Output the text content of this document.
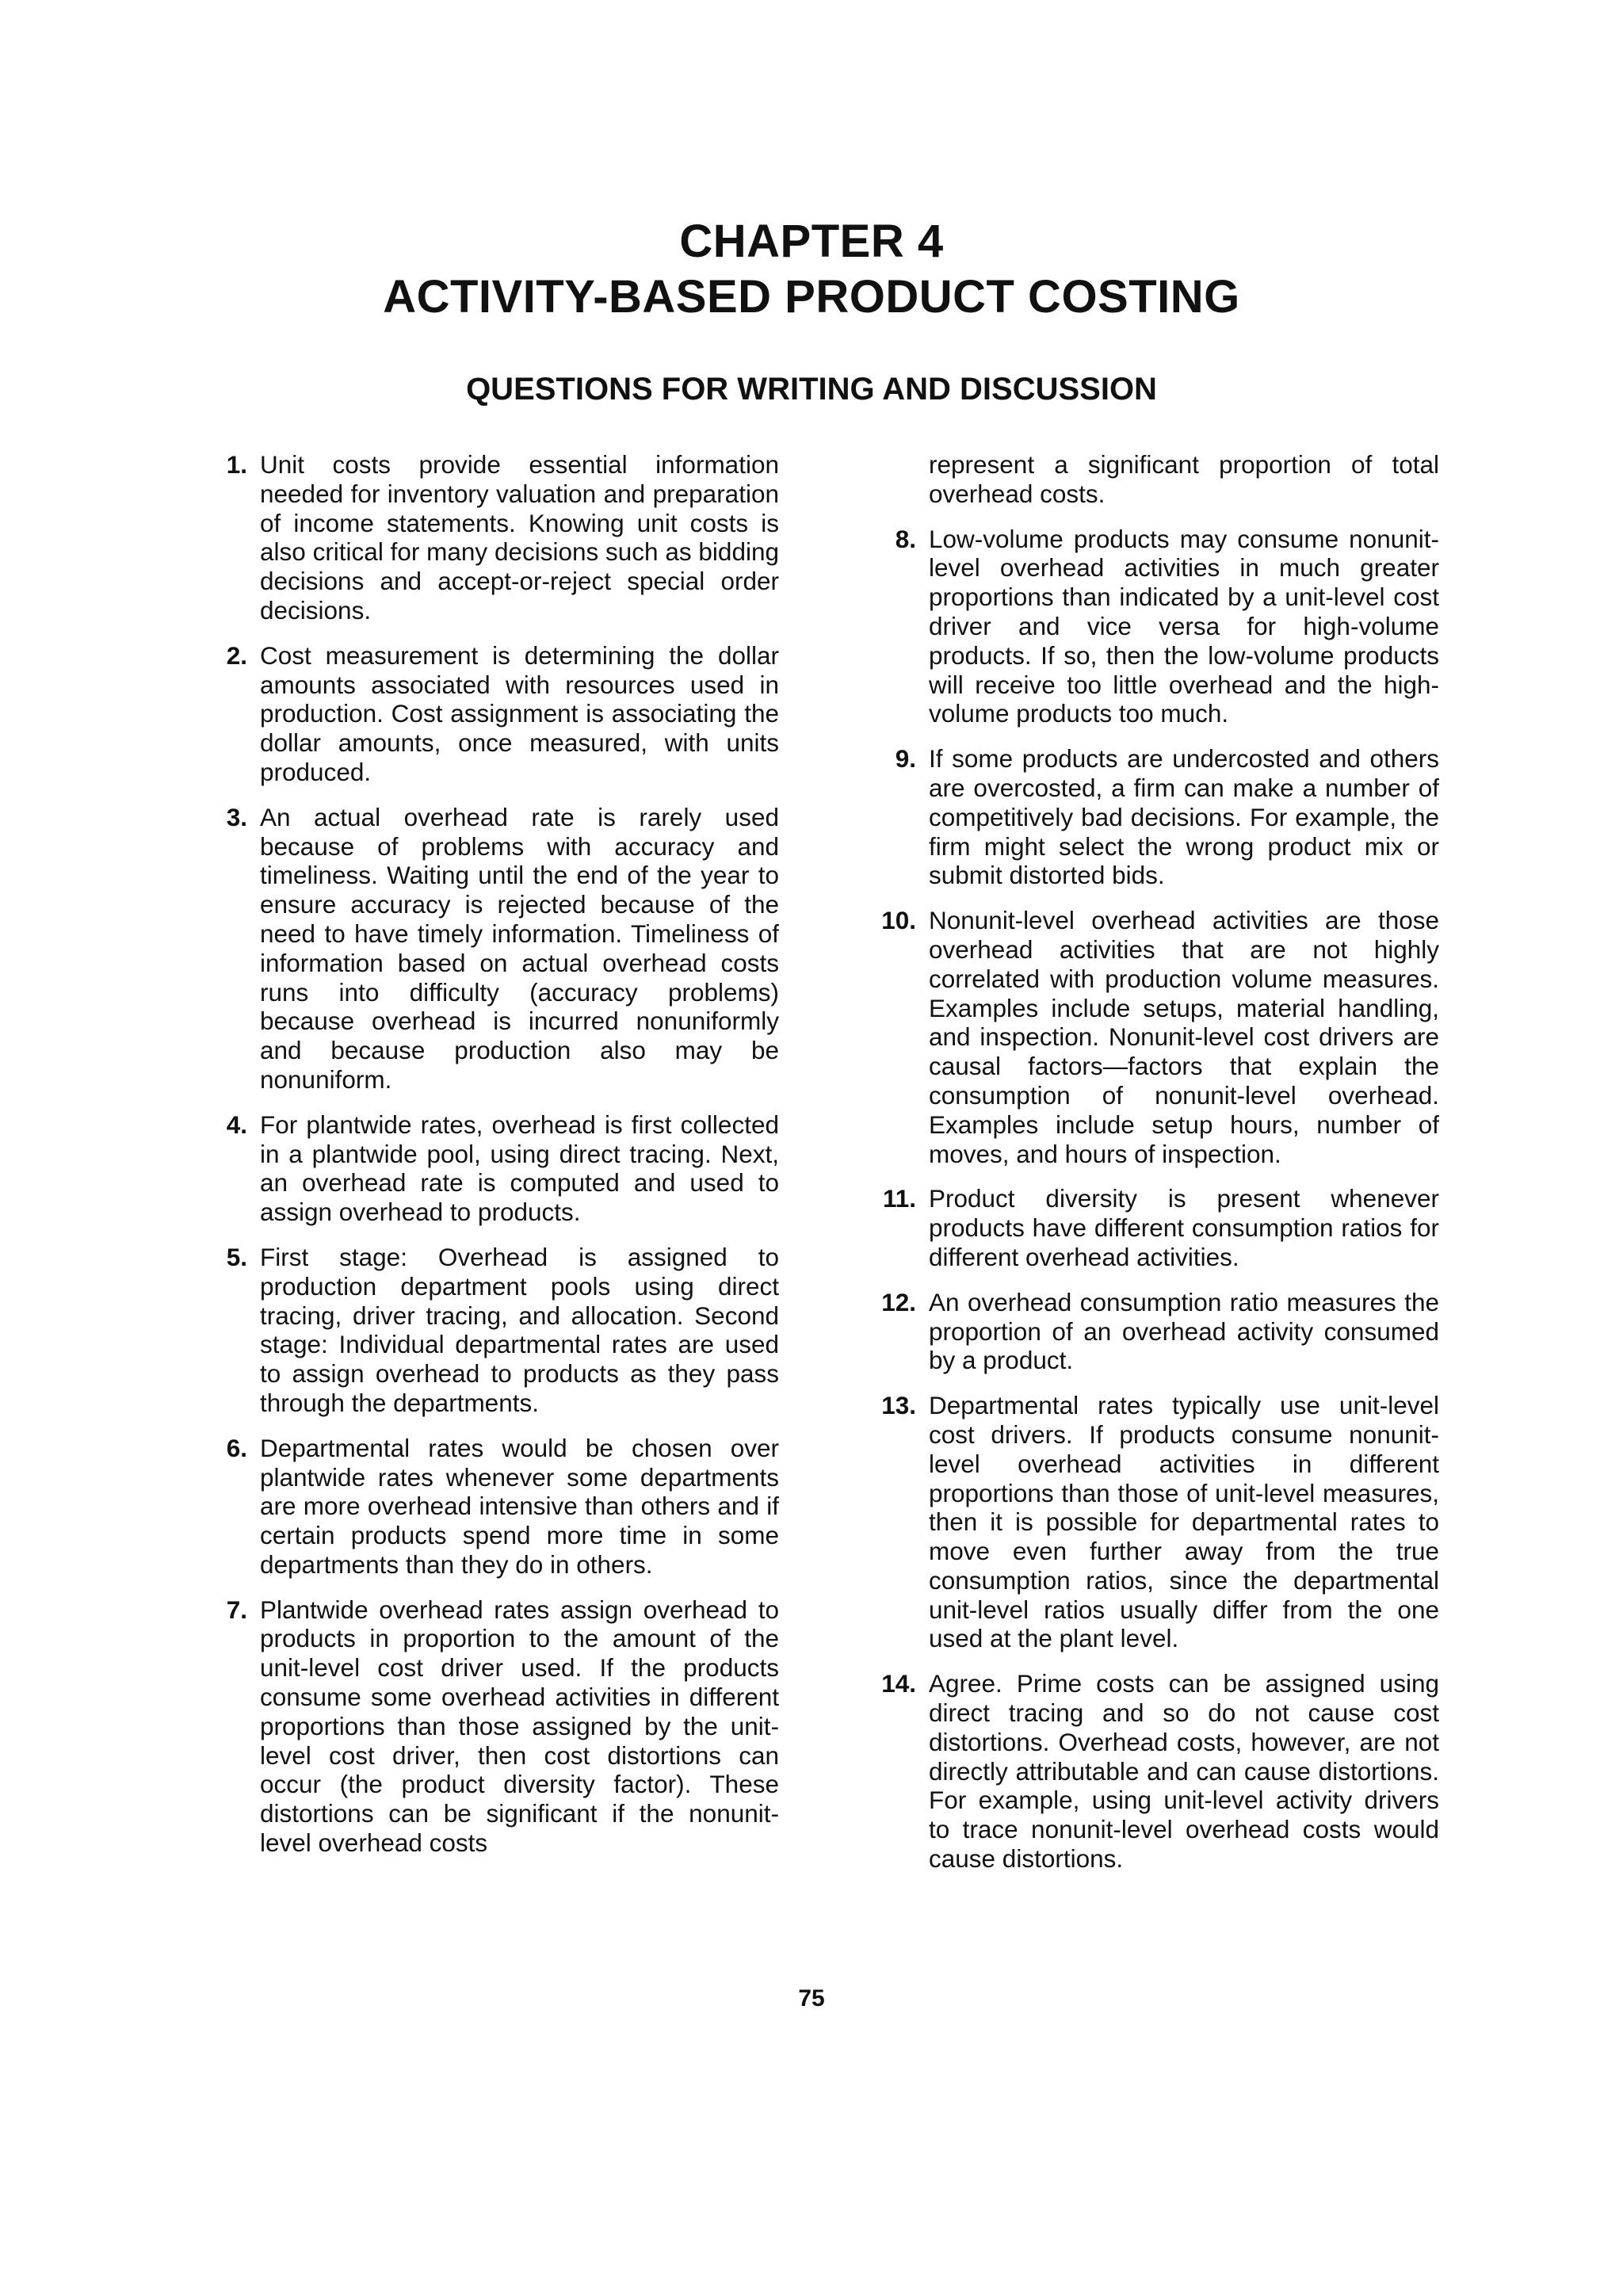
CHAPTER 4
ACTIVITY-BASED PRODUCT COSTING
QUESTIONS FOR WRITING AND DISCUSSION
1. Unit costs provide essential information needed for inventory valuation and preparation of income statements. Knowing unit costs is also critical for many decisions such as bidding decisions and accept-or-reject special order decisions.
2. Cost measurement is determining the dollar amounts associated with resources used in production. Cost assignment is associating the dollar amounts, once measured, with units produced.
3. An actual overhead rate is rarely used because of problems with accuracy and timeliness. Waiting until the end of the year to ensure accuracy is rejected because of the need to have timely information. Timeliness of information based on actual overhead costs runs into difficulty (accuracy problems) because overhead is incurred nonuniformly and because production also may be nonuniform.
4. For plantwide rates, overhead is first collected in a plantwide pool, using direct tracing. Next, an overhead rate is computed and used to assign overhead to products.
5. First stage: Overhead is assigned to production department pools using direct tracing, driver tracing, and allocation. Second stage: Individual departmental rates are used to assign overhead to products as they pass through the departments.
6. Departmental rates would be chosen over plantwide rates whenever some departments are more overhead intensive than others and if certain products spend more time in some departments than they do in others.
7. Plantwide overhead rates assign overhead to products in proportion to the amount of the unit-level cost driver used. If the products consume some overhead activities in different proportions than those assigned by the unit-level cost driver, then cost distortions can occur (the product diversity factor). These distortions can be significant if the nonunit-level overhead costs
represent a significant proportion of total overhead costs.
8. Low-volume products may consume nonunit-level overhead activities in much greater proportions than indicated by a unit-level cost driver and vice versa for high-volume products. If so, then the low-volume products will receive too little overhead and the high-volume products too much.
9. If some products are undercosted and others are overcosted, a firm can make a number of competitively bad decisions. For example, the firm might select the wrong product mix or submit distorted bids.
10. Nonunit-level overhead activities are those overhead activities that are not highly correlated with production volume measures. Examples include setups, material handling, and inspection. Nonunit-level cost drivers are causal factors—factors that explain the consumption of nonunit-level overhead. Examples include setup hours, number of moves, and hours of inspection.
11. Product diversity is present whenever products have different consumption ratios for different overhead activities.
12. An overhead consumption ratio measures the proportion of an overhead activity consumed by a product.
13. Departmental rates typically use unit-level cost drivers. If products consume nonunit-level overhead activities in different proportions than those of unit-level measures, then it is possible for departmental rates to move even further away from the true consumption ratios, since the departmental unit-level ratios usually differ from the one used at the plant level.
14. Agree. Prime costs can be assigned using direct tracing and so do not cause cost distortions. Overhead costs, however, are not directly attributable and can cause distortions. For example, using unit-level activity drivers to trace nonunit-level overhead costs would cause distortions.
75
